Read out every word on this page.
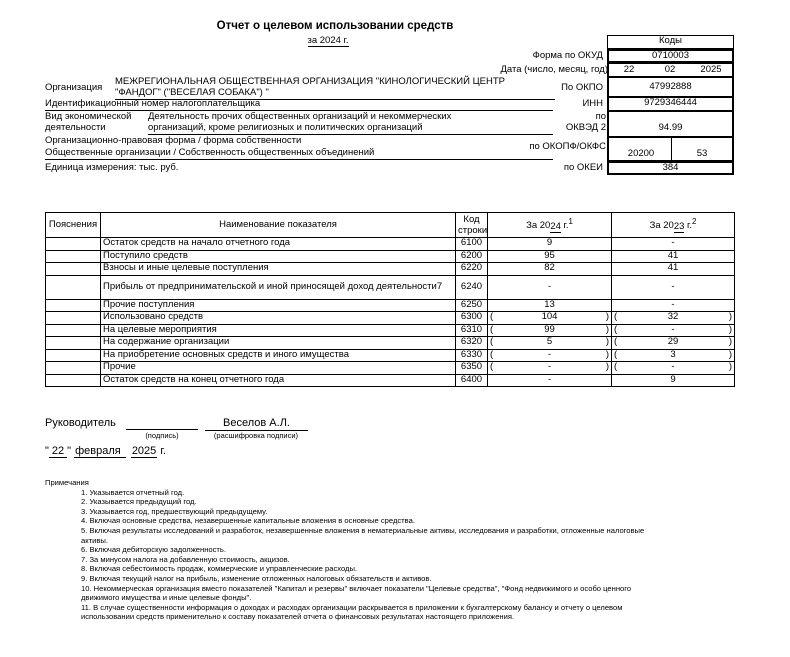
Отчет о целевом использовании средств
за 2024 г.	Коды
Форма по ОКУД	0710003
Дата (число, месяц, год)	22	02	2025
Организация
МЕЖРЕГИОНАЛЬНАЯ ОБЩЕСТВЕННАЯ ОРГАНИЗАЦИЯ "КИНОЛОГИЧЕСКИЙ ЦЕНТР
"ФАНДОГ" ("ВЕСЕЛАЯ СОБАКА") "	По ОКПО	47992888
Идентификационный номер налогоплательщика	ИНН	9729346444
Вид экономической
деятельности
Деятельность прочих общественных организаций и некоммерческих
организаций, кроме религиозных и политических организаций
по
ОКВЭД 2	94.99
Организационно-правовая форма / форма собственности
Общественные организации / Собственность общественных объединений
по ОКОПФ/ОКФС
20200	53
Единица измерения: тыс. руб.	по ОКЕИ	384
Пояснения	Наименование показателя	Код
строки	За 2024 г.$^1$	За 2023 г.$^2$
	Остаток средств на начало отчетного года	6100	9	-
	Поступило средств	6200	95	41
	Взносы и иные целевые поступления	6220	82	41
	Прибыль от предпринимательской и иной приносящей доход деятельности7	6240	-	-
	Прочие поступления	6250	13	-
	Использовано средств	6300	( 104 )	( 32 )

	На целевые мероприятия	6310	( 99 )	( - )

	На содержание организации	6320	( 5 )	( 29 )

	На приобретение основных средств и иного имущества	6330	( - )	( 3 )

	Прочие	6350	( - )	( - )

	Остаток средств на конец отчетного года	6400	-	9
Руководитель	Веселов А.Л.
(подпись)	(расшифровка подписи)
" 22 " февраля 2025 г.
Примечания
1. Указывается отчетный год.
2. Указывается предыдущий год.
3. Указывается год, предшествующий предыдущему.
4. Включая основные средства, незавершенные капитальные вложения в основные средства.
5. Включая результаты исследований и разработок, незавершенные вложения в нематериальные активы, исследования и разработки, отложенные налоговые
активы.
6. Включая дебиторскую задолженность.
7. За минусом налога на добавленную стоимость, акцизов.
8. Включая себестоимость продаж, коммерческие и управленческие расходы.
9. Включая текущий налог на прибыль, изменение отложенных налоговых обязательств и активов.
10. Некоммерческая организация вместо показателей "Капитал и резервы" включает показатели "Целевые средства", "Фонд недвижимого и особо ценного
движимого имущества и иные целевые фонды".
11. В случае существенности информация о доходах и расходах организации раскрывается в приложении к бухгалтерскому балансу и отчету о целевом
использовании средств применительно к составу показателей отчета о финансовых результатах настоящего приложения.
